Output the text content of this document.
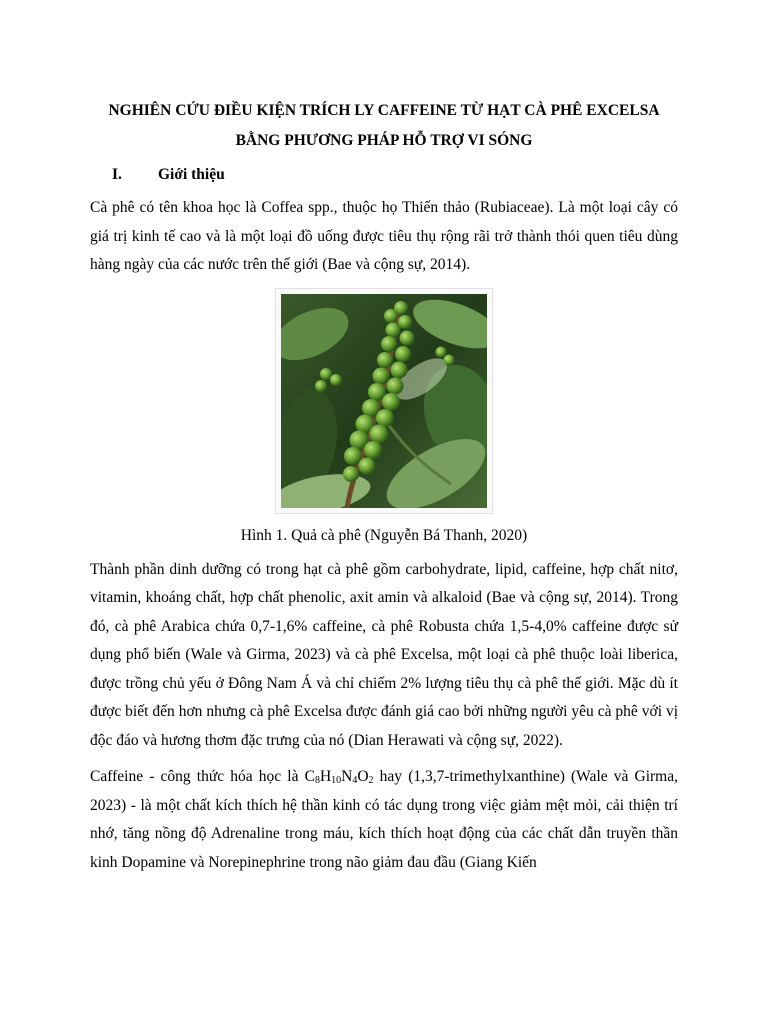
NGHIÊN CỨU ĐIỀU KIỆN TRÍCH LY CAFFEINE TỪ HẠT CÀ PHÊ EXCELSA
BẰNG PHƯƠNG PHÁP HỖ TRỢ VI SÓNG
I.	Giới thiệu

Cà phê có tên khoa học là Coffea spp., thuộc họ Thiến thảo (Rubiaceae). Là một loại cây có giá trị kinh tế cao và là một loại đồ uống được tiêu thụ rộng rãi trở thành thói quen tiêu dùng hàng ngày của các nước trên thế giới (Bae và cộng sự, 2014).

Hình 1. Quả cà phê (Nguyễn Bá Thanh, 2020)

Thành phần dinh dưỡng có trong hạt cà phê gồm carbohydrate, lipid, caffeine, hợp chất nitơ, vitamin, khoáng chất, hợp chất phenolic, axit amin và alkaloid (Bae và cộng sự, 2014). Trong đó, cà phê Arabica chứa 0,7-1,6% caffeine, cà phê Robusta chứa 1,5-4,0% caffeine được sử dụng phổ biến (Wale và Girma, 2023) và cà phê Excelsa, một loại cà phê thuộc loài liberica, được trồng chủ yếu ở Đông Nam Á và chỉ chiếm 2% lượng tiêu thụ cà phê thế giới. Mặc dù ít được biết đến hơn nhưng cà phê Excelsa được đánh giá cao bởi những người yêu cà phê với vị độc đáo và hương thơm đặc trưng của nó (Dian Herawati và cộng sự, 2022).

Caffeine - công thức hóa học là $C_8H_{10}N_4O_2$ hay (1,3,7-trimethylxanthine) (Wale và Girma, 2023) - là một chất kích thích hệ thần kinh có tác dụng trong việc giảm mệt mỏi, cải thiện trí nhớ, tăng nồng độ Adrenaline trong máu, kích thích hoạt động của các chất dẫn truyền thần kinh Dopamine và Norepinephrine trong não giảm đau đầu (Giang Kiến
